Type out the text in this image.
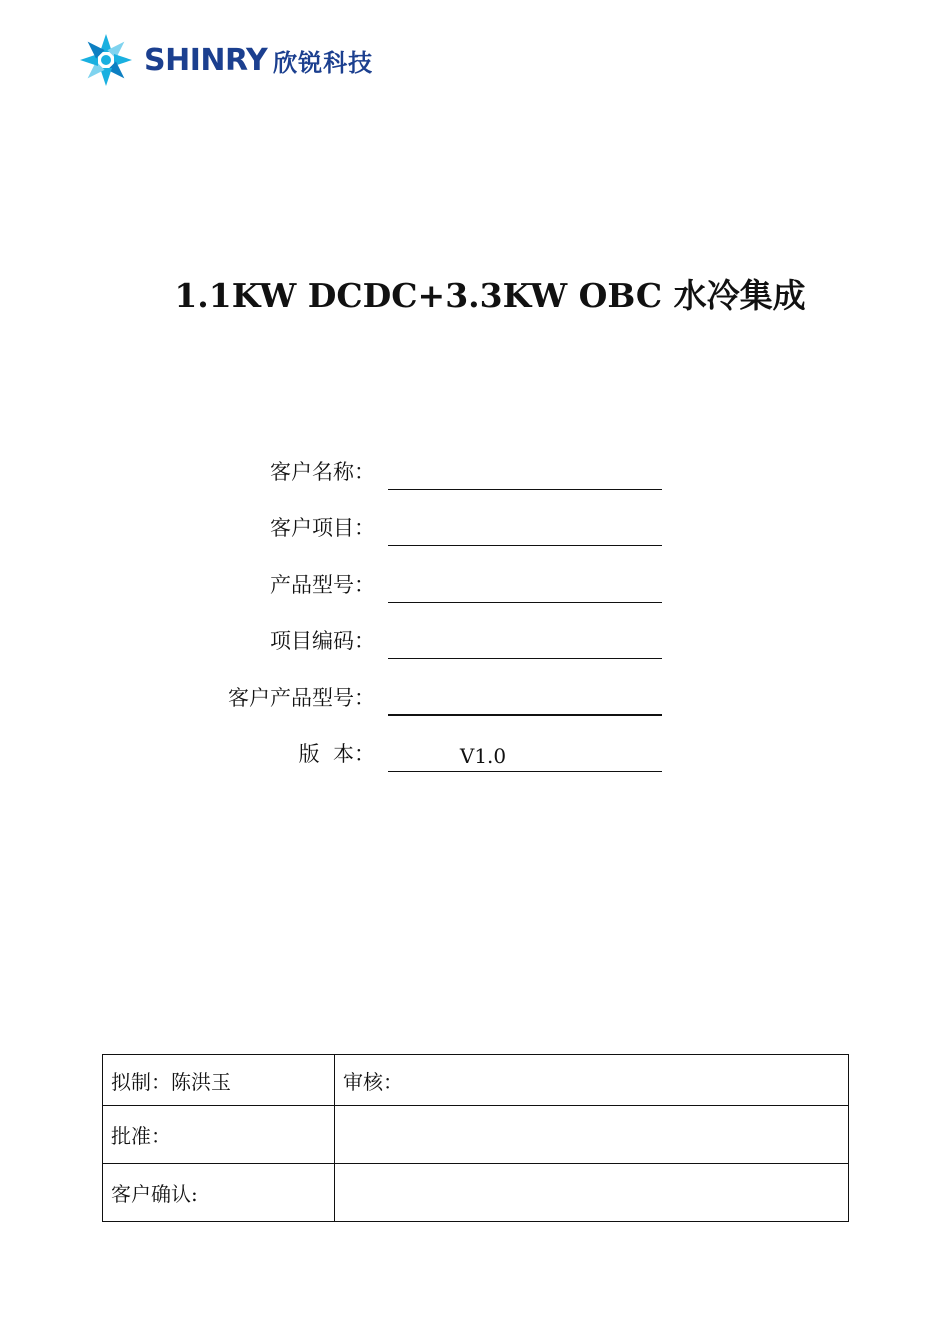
SHINRY 欣锐科技
1.1KW DCDC+3.3KW OBC 水冷集成
客户名称：
客户项目：
产品型号：
项目编码：
客户产品型号：
版  本：	V1.0
拟制：陈洪玉	审核：
批准：	
客户确认:	
